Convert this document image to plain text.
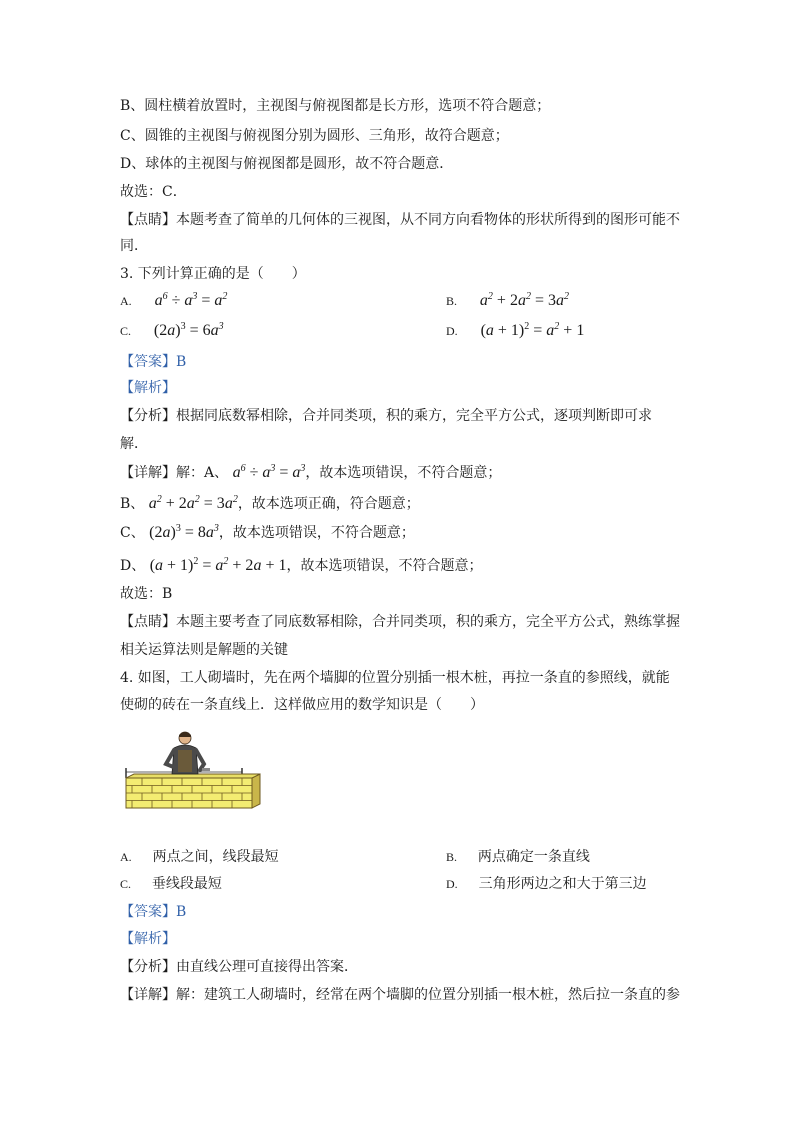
B、圆柱横着放置时，主视图与俯视图都是长方形，选项不符合题意；
C、圆锥的主视图与俯视图分别为圆形、三角形，故符合题意；
D、球体的主视图与俯视图都是圆形，故不符合题意．
故选：C．
【点睛】本题考查了简单的几何体的三视图，从不同方向看物体的形状所得到的图形可能不
同．
3. 下列计算正确的是（　　）
A. $a^6 \div a^3 = a^2$	B. $a^2 + 2a^2 = 3a^2$
C. $(2a)^3 = 6a^3$	D. $(a + 1)^2 = a^2 + 1$
【答案】B
【解析】
【分析】根据同底数幂相除，合并同类项，积的乘方，完全平方公式，逐项判断即可求
解．
【详解】解：A、 $a^6 \div a^3 = a^3$，故本选项错误，不符合题意；
B、 $a^2 + 2a^2 = 3a^2$，故本选项正确，符合题意；
C、 $(2a)^3 = 8a^3$，故本选项错误，不符合题意；
D、 $(a + 1)^2 = a^2 + 2a + 1$，故本选项错误，不符合题意；
故选：B
【点睛】本题主要考查了同底数幂相除，合并同类项，积的乘方，完全平方公式，熟练掌握
相关运算法则是解题的关键
4. 如图，工人砌墙时，先在两个墙脚的位置分别插一根木桩，再拉一条直的参照线，就能
使砌的砖在一条直线上．这样做应用的数学知识是（　　）
A. 两点之间，线段最短	B. 两点确定一条直线
C. 垂线段最短	D. 三角形两边之和大于第三边
【答案】B
【解析】
【分析】由直线公理可直接得出答案．
【详解】解：建筑工人砌墙时，经常在两个墙脚的位置分别插一根木桩，然后拉一条直的参
